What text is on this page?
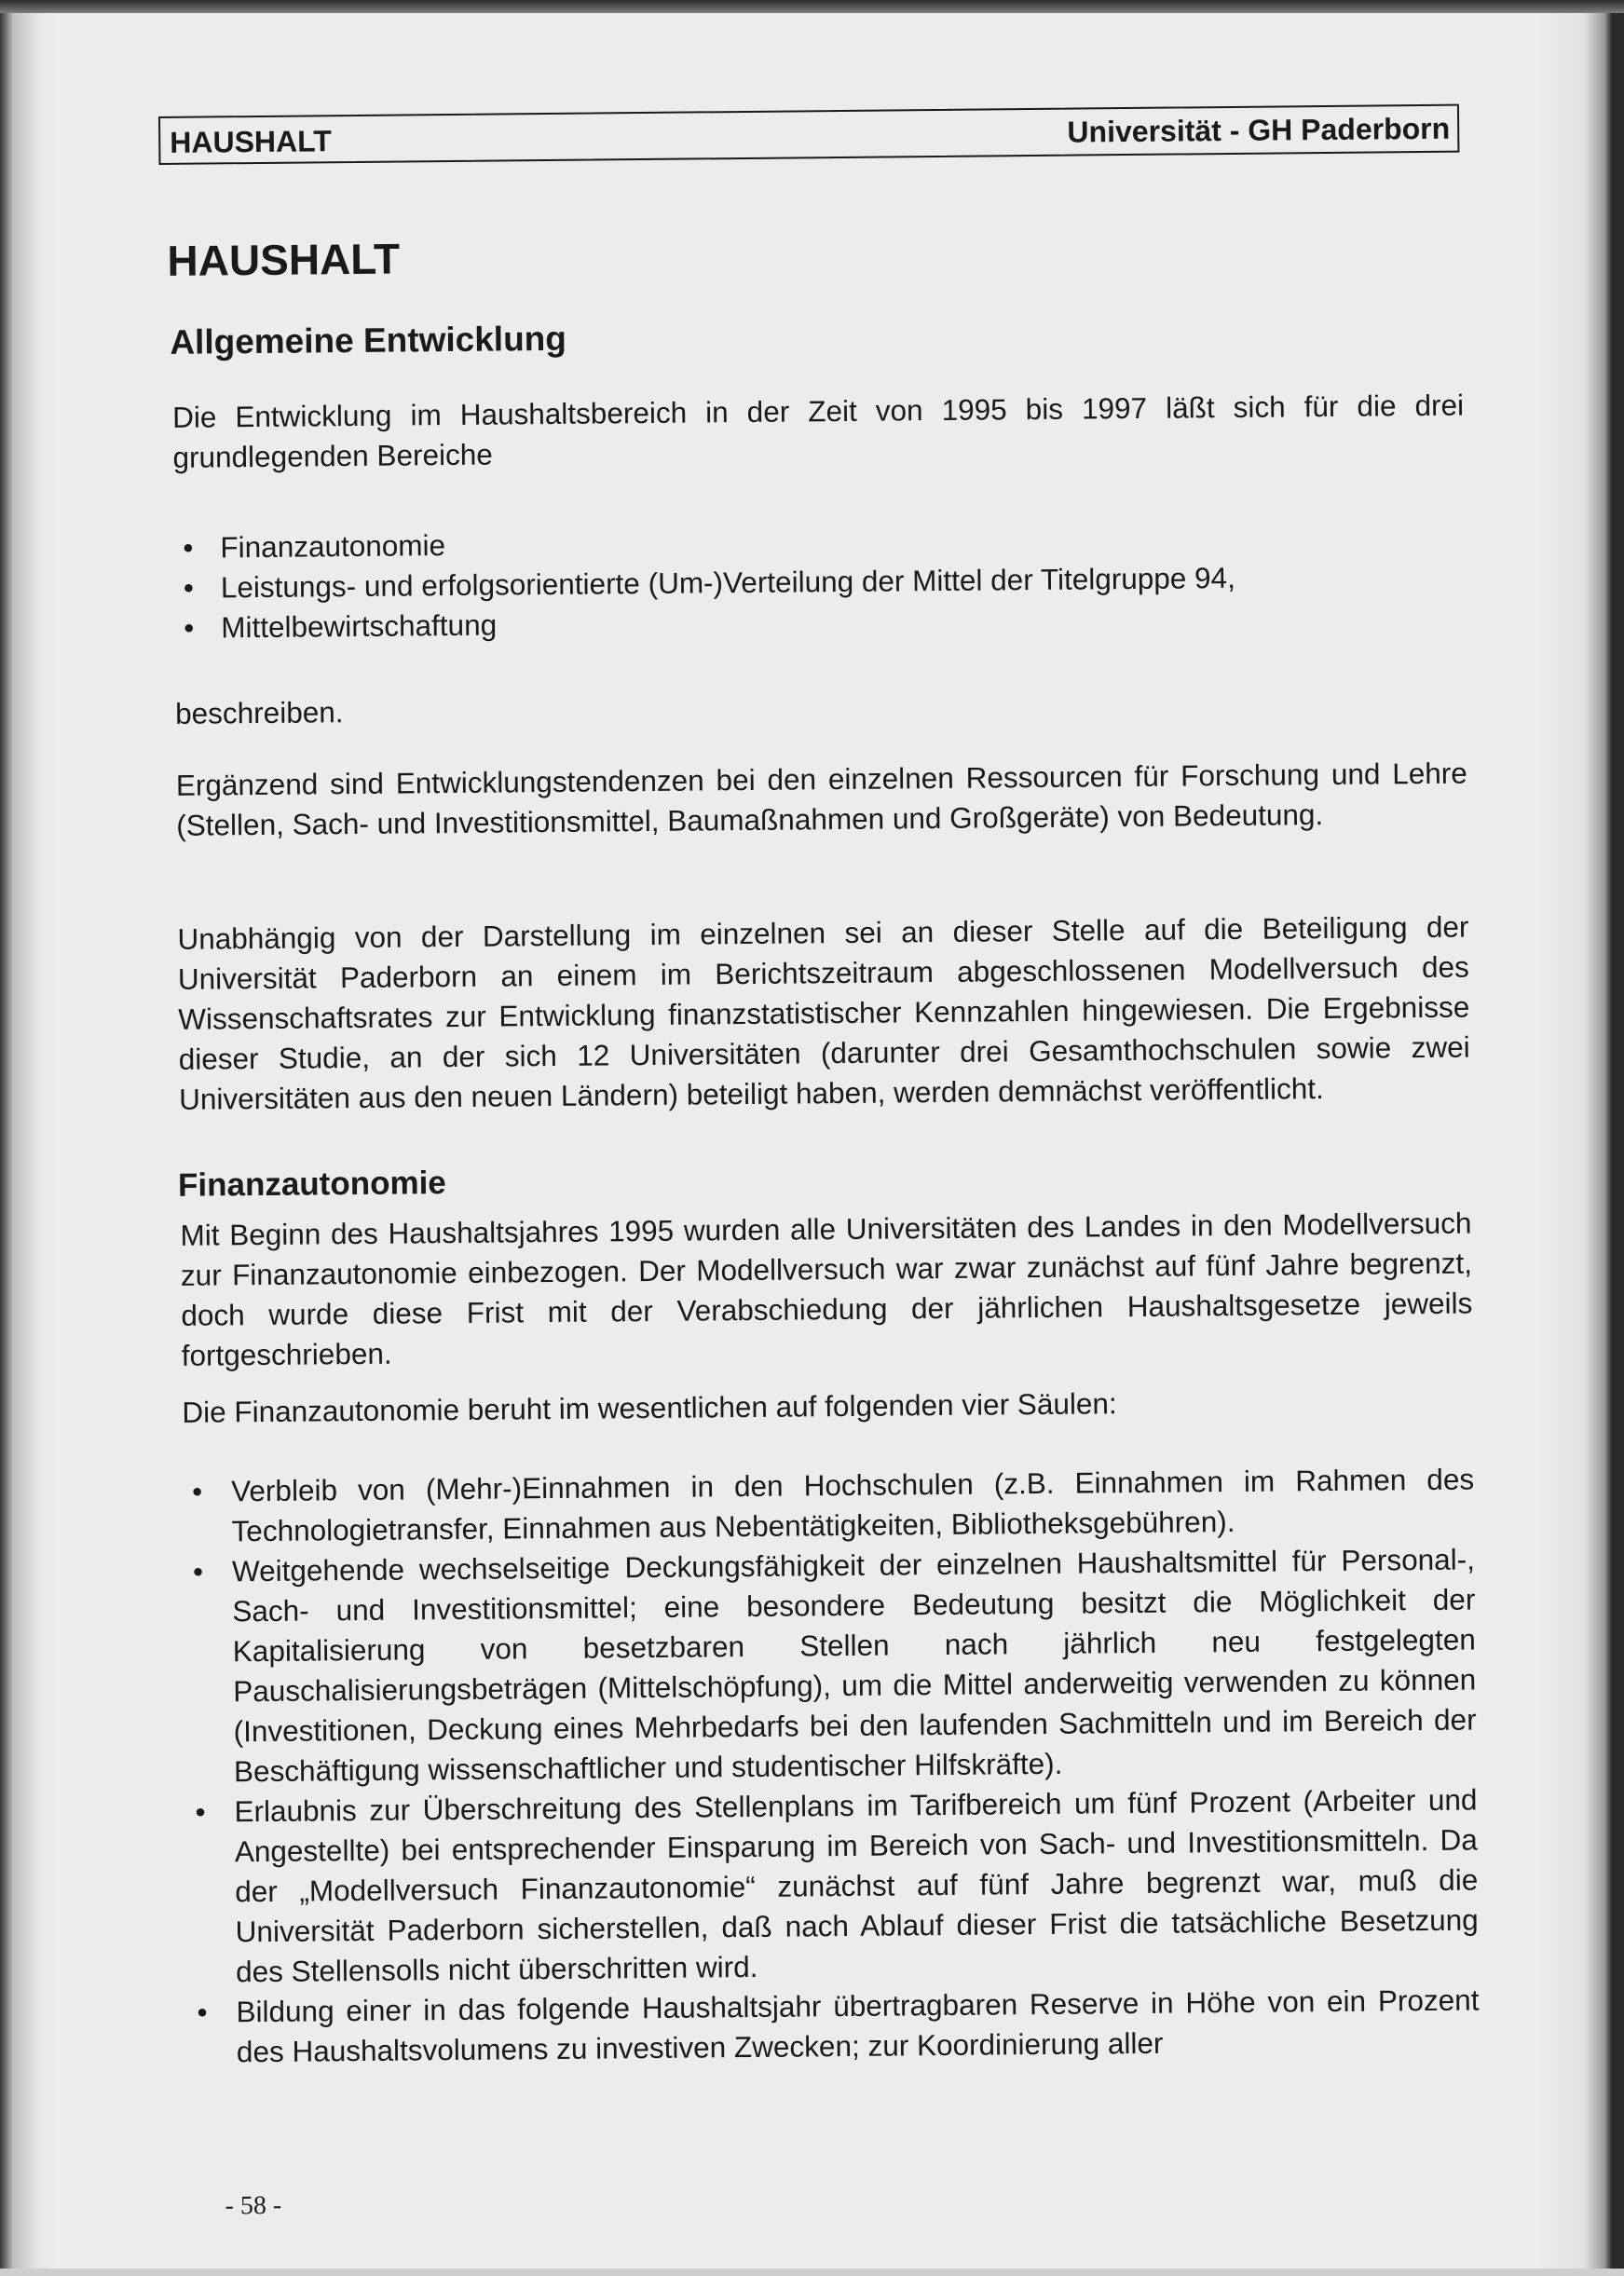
HAUSHALT	Universität - GH Paderborn
HAUSHALT
Allgemeine Entwicklung

Die Entwicklung im Haushaltsbereich in der Zeit von 1995 bis 1997 läßt sich für die drei grundlegenden Bereiche

• Finanzautonomie
• Leistungs- und erfolgsorientierte (Um-)Verteilung der Mittel der Titelgruppe 94,
• Mittelbewirtschaftung

beschreiben.

Ergänzend sind Entwicklungstendenzen bei den einzelnen Ressourcen für Forschung und Lehre (Stellen, Sach- und Investitionsmittel, Baumaßnahmen und Großgeräte) von Bedeutung.

Unabhängig von der Darstellung im einzelnen sei an dieser Stelle auf die Beteiligung der Universität Paderborn an einem im Berichtszeitraum abgeschlossenen Modellversuch des Wissenschaftsrates zur Entwicklung finanzstatistischer Kennzahlen hingewiesen. Die Ergebnisse dieser Studie, an der sich 12 Universitäten (darunter drei Gesamthochschulen sowie zwei Universitäten aus den neuen Ländern) beteiligt haben, werden demnächst veröffentlicht.

Finanzautonomie

Mit Beginn des Haushaltsjahres 1995 wurden alle Universitäten des Landes in den Modellversuch zur Finanzautonomie einbezogen. Der Modellversuch war zwar zunächst auf fünf Jahre begrenzt, doch wurde diese Frist mit der Verabschiedung der jährlichen Haushaltsgesetze jeweils fortgeschrieben.

Die Finanzautonomie beruht im wesentlichen auf folgenden vier Säulen:

• Verbleib von (Mehr-)Einnahmen in den Hochschulen (z.B. Einnahmen im Rahmen des Technologietransfer, Einnahmen aus Nebentätigkeiten, Bibliotheksgebühren).
• Weitgehende wechselseitige Deckungsfähigkeit der einzelnen Haushaltsmittel für Personal-, Sach- und Investitionsmittel; eine besondere Bedeutung besitzt die Möglichkeit der Kapitalisierung von besetzbaren Stellen nach jährlich neu festgelegten Pauschalisierungsbeträgen (Mittelschöpfung), um die Mittel anderweitig verwenden zu können (Investitionen, Deckung eines Mehrbedarfs bei den laufenden Sachmitteln und im Bereich der Beschäftigung wissenschaftlicher und studentischer Hilfskräfte).
• Erlaubnis zur Überschreitung des Stellenplans im Tarifbereich um fünf Prozent (Arbeiter und Angestellte) bei entsprechender Einsparung im Bereich von Sach- und Investitionsmitteln. Da der „Modellversuch Finanzautonomie“ zunächst auf fünf Jahre begrenzt war, muß die Universität Paderborn sicherstellen, daß nach Ablauf dieser Frist die tatsächliche Besetzung des Stellensolls nicht überschritten wird.
• Bildung einer in das folgende Haushaltsjahr übertragbaren Reserve in Höhe von ein Prozent des Haushaltsvolumens zu investiven Zwecken; zur Koordinierung aller
- 58 -
